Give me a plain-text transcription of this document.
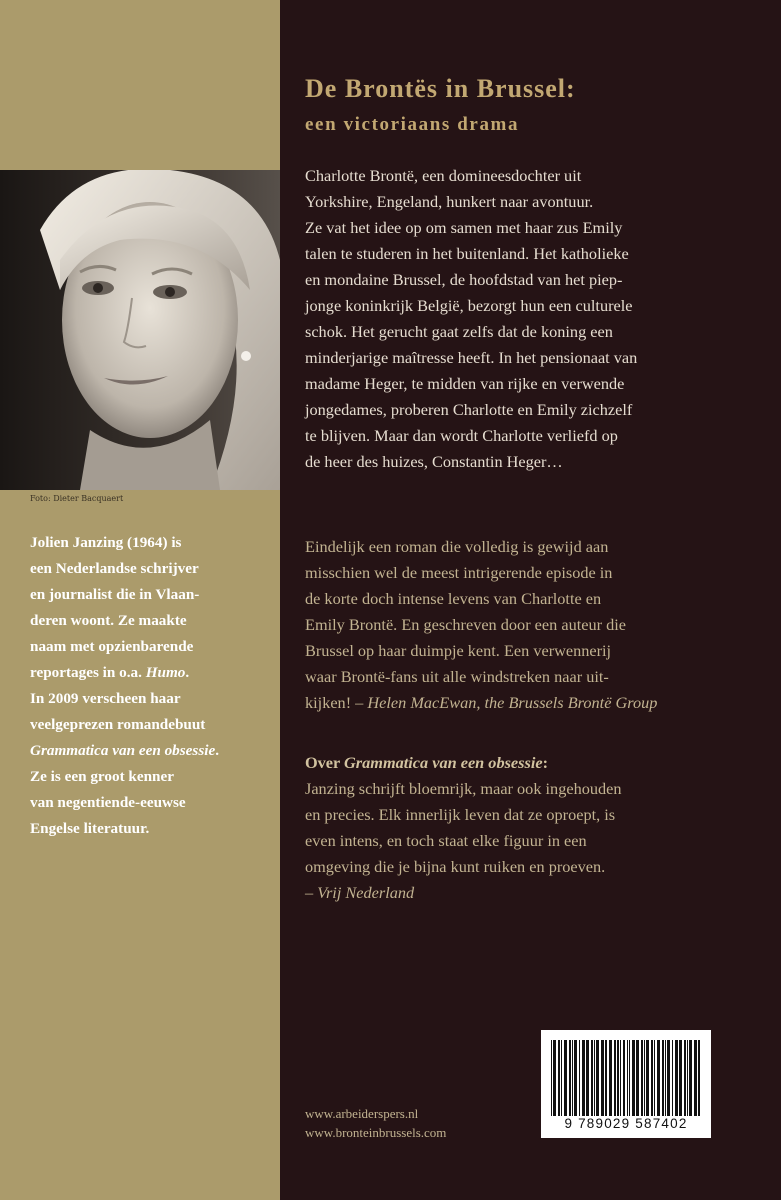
Foto: Dieter Bacquaert

Jolien Janzing (1964) is
een Nederlandse schrijver
en journalist die in Vlaan-
deren woont. Ze maakte
naam met opzienbarende
reportages in o.a. Humo.
In 2009 verscheen haar
veelgeprezen romandebuut
Grammatica van een obsessie.
Ze is een groot kenner
van negentiende-eeuwse
Engelse literatuur.

De Brontës in Brussel:
een victoriaans drama

Charlotte Brontë, een domineesdochter uit
Yorkshire, Engeland, hunkert naar avontuur.
Ze vat het idee op om samen met haar zus Emily
talen te studeren in het buitenland. Het katholieke
en mondaine Brussel, de hoofdstad van het piep-
jonge koninkrijk België, bezorgt hun een culturele
schok. Het gerucht gaat zelfs dat de koning een
minderjarige maîtresse heeft. In het pensionaat van
madame Heger, te midden van rijke en verwende
jongedames, proberen Charlotte en Emily zichzelf
te blijven. Maar dan wordt Charlotte verliefd op
de heer des huizes, Constantin Heger…

Eindelijk een roman die volledig is gewijd aan
misschien wel de meest intrigerende episode in
de korte doch intense levens van Charlotte en
Emily Brontë. En geschreven door een auteur die
Brussel op haar duimpje kent. Een verwennerij
waar Brontë-fans uit alle windstreken naar uit-
kijken! – Helen MacEwan, the Brussels Brontë Group

Over Grammatica van een obsessie:
Janzing schrijft bloemrijk, maar ook ingehouden
en precies. Elk innerlijk leven dat ze oproept, is
even intens, en toch staat elke figuur in een
omgeving die je bijna kunt ruiken en proeven.
– Vrij Nederland

www.arbeiderspers.nl
www.bronteinbrussels.com

9 789029 587402
